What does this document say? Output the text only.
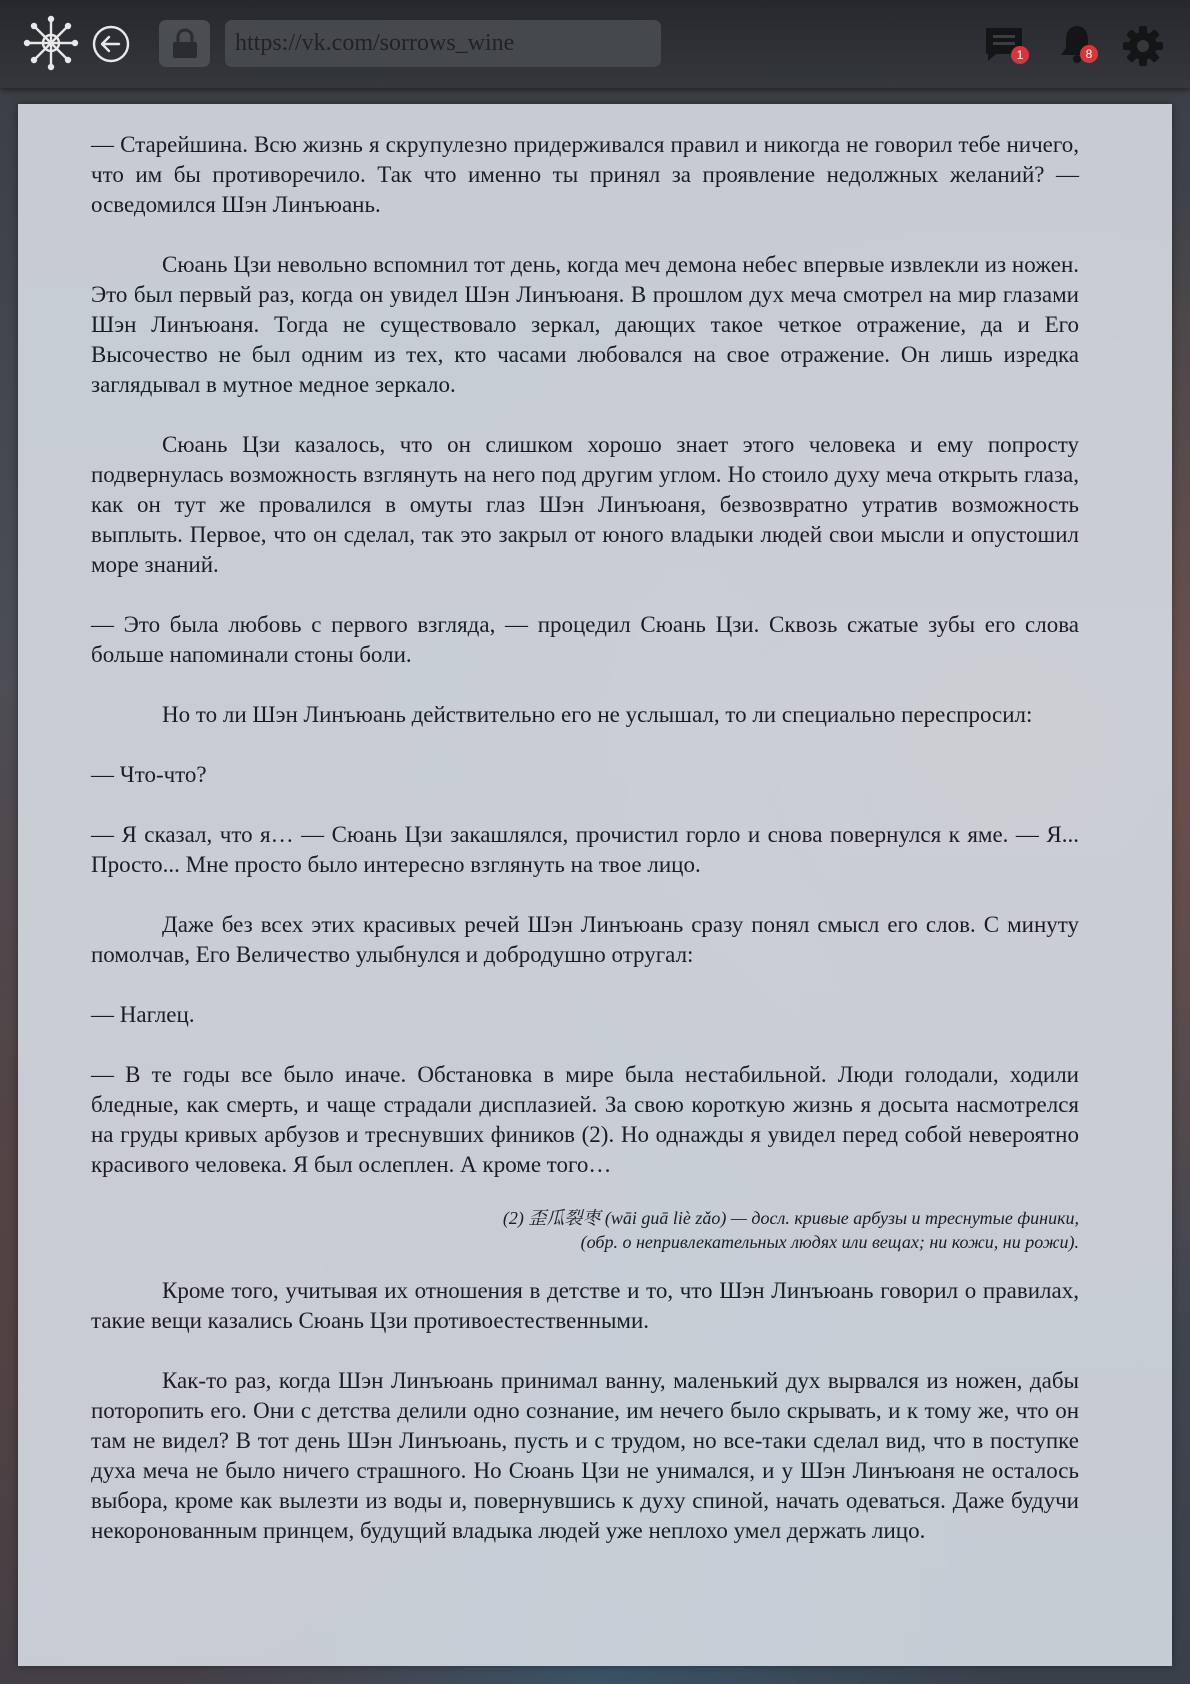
https://vk.com/sorrows_wine
1	8

— Старейшина. Всю жизнь я скрупулезно придерживался правил и никогда не говорил тебе ничего, что им бы противоречило. Так что именно ты принял за проявление недолжных желаний? — осведомился Шэн Линъюань.

Сюань Цзи невольно вспомнил тот день, когда меч демона небес впервые извлекли из ножен. Это был первый раз, когда он увидел Шэн Линъюаня. В прошлом дух меча смотрел на мир глазами Шэн Линъюаня. Тогда не существовало зеркал, дающих такое четкое отражение, да и Его Высочество не был одним из тех, кто часами любовался на свое отражение. Он лишь изредка заглядывал в мутное медное зеркало.

Сюань Цзи казалось, что он слишком хорошо знает этого человека и ему попросту подвернулась возможность взглянуть на него под другим углом. Но стоило духу меча открыть глаза, как он тут же провалился в омуты глаз Шэн Линъюаня, безвозвратно утратив возможность выплыть. Первое, что он сделал, так это закрыл от юного владыки людей свои мысли и опустошил море знаний.

— Это была любовь с первого взгляда, — процедил Сюань Цзи. Сквозь сжатые зубы его слова больше напоминали стоны боли.

Но то ли Шэн Линъюань действительно его не услышал, то ли специально переспросил:

— Что-что?

— Я сказал, что я… — Сюань Цзи закашлялся, прочистил горло и снова повернулся к яме. — Я... Просто... Мне просто было интересно взглянуть на твое лицо.

Даже без всех этих красивых речей Шэн Линъюань сразу понял смысл его слов. С минуту помолчав, Его Величество улыбнулся и добродушно отругал:

— Наглец.

— В те годы все было иначе. Обстановка в мире была нестабильной. Люди голодали, ходили бледные, как смерть, и чаще страдали дисплазией. За свою короткую жизнь я досыта насмотрелся на груды кривых арбузов и треснувших фиников (2). Но однажды я увидел перед собой невероятно красивого человека. Я был ослеплен. А кроме того…

(2) 歪瓜裂枣 (wāi guā liè zǎo) — досл. кривые арбузы и треснутые финики,
(обр. о непривлекательных людях или вещах; ни кожи, ни рожи).

Кроме того, учитывая их отношения в детстве и то, что Шэн Линъюань говорил о правилах, такие вещи казались Сюань Цзи противоестественными.

Как-то раз, когда Шэн Линъюань принимал ванну, маленький дух вырвался из ножен, дабы поторопить его. Они с детства делили одно сознание, им нечего было скрывать, и к тому же, что он там не видел? В тот день Шэн Линъюань, пусть и с трудом, но все-таки сделал вид, что в поступке духа меча не было ничего страшного. Но Сюань Цзи не унимался, и у Шэн Линъюаня не осталось выбора, кроме как вылезти из воды и, повернувшись к духу спиной, начать одеваться. Даже будучи некоронованным принцем, будущий владыка людей уже неплохо умел держать лицо.
